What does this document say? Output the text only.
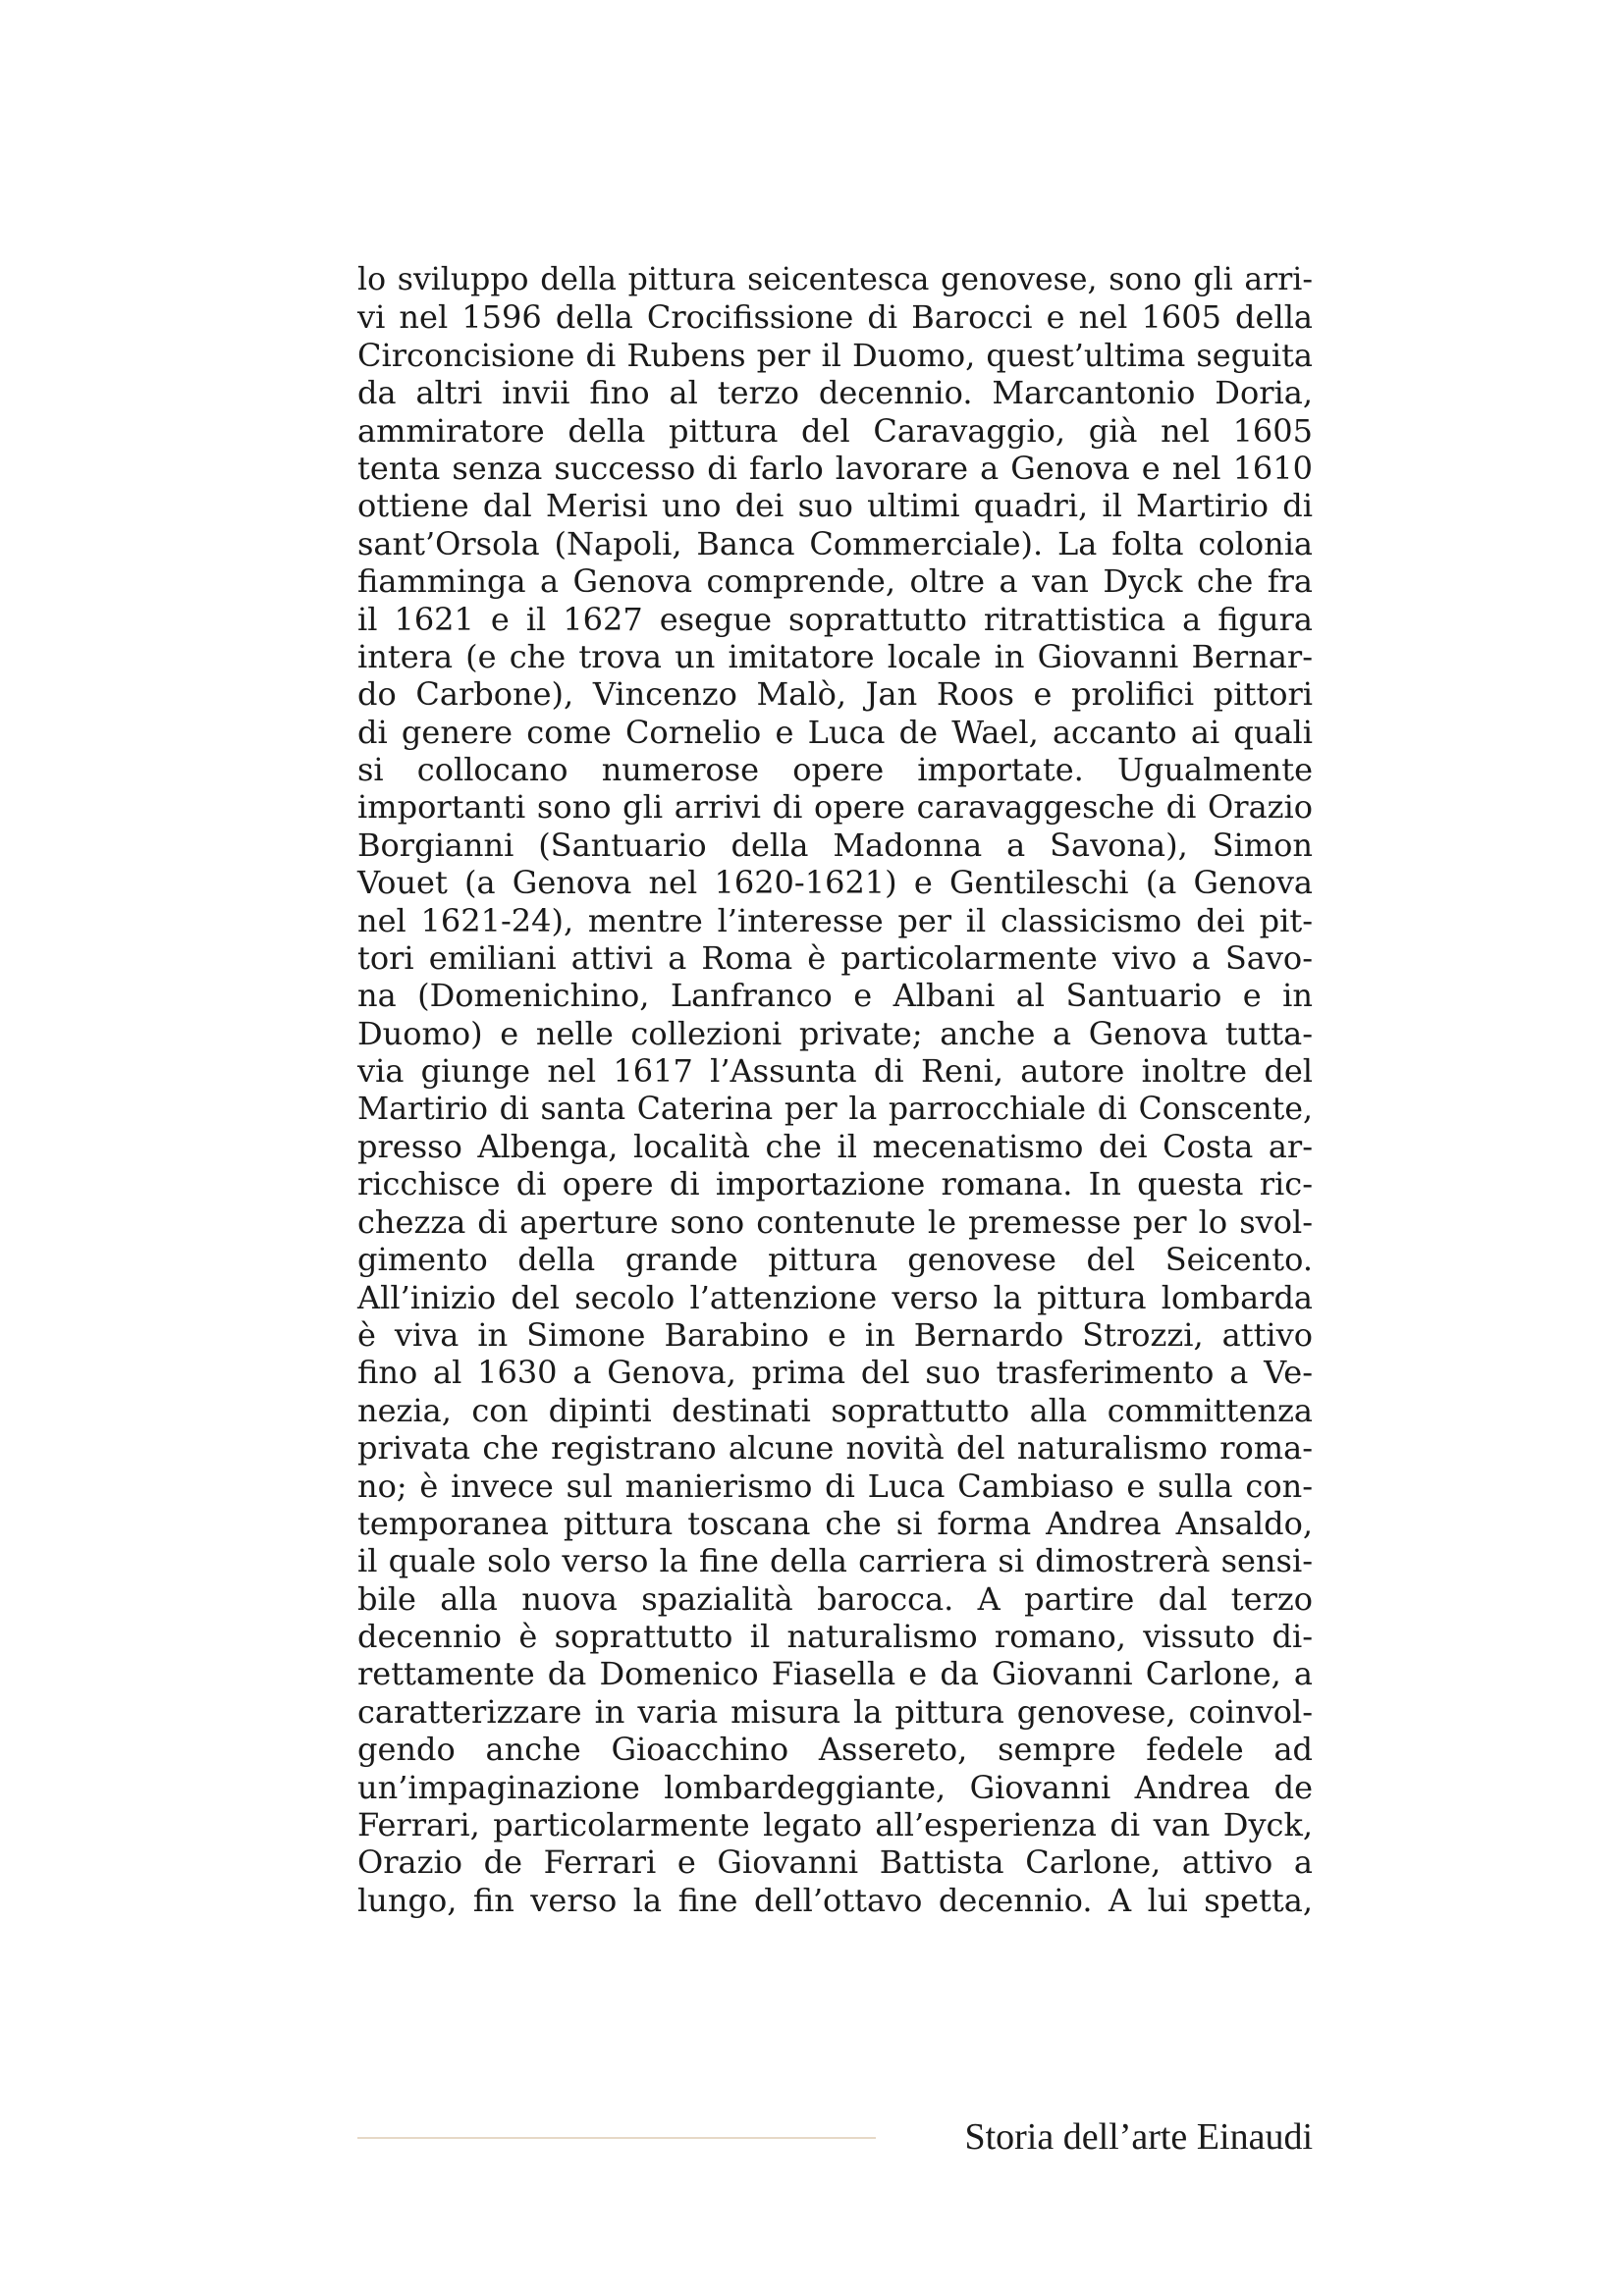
lo sviluppo della pittura seicentesca genovese, sono gli arri-
vi nel 1596 della Crocifissione di Barocci e nel 1605 della
Circoncisione di Rubens per il Duomo, quest’ultima seguita
da altri invii fino al terzo decennio. Marcantonio Doria,
ammiratore della pittura del Caravaggio, già nel 1605
tenta senza successo di farlo lavorare a Genova e nel 1610
ottiene dal Merisi uno dei suo ultimi quadri, il Martirio di
sant’Orsola (Napoli, Banca Commerciale). La folta colonia
fiamminga a Genova comprende, oltre a van Dyck che fra
il 1621 e il 1627 esegue soprattutto ritrattistica a figura
intera (e che trova un imitatore locale in Giovanni Bernar-
do Carbone), Vincenzo Malò, Jan Roos e prolifici pittori
di genere come Cornelio e Luca de Wael, accanto ai quali
si collocano numerose opere importate. Ugualmente
importanti sono gli arrivi di opere caravaggesche di Orazio
Borgianni (Santuario della Madonna a Savona), Simon
Vouet (a Genova nel 1620-1621) e Gentileschi (a Genova
nel 1621-24), mentre l’interesse per il classicismo dei pit-
tori emiliani attivi a Roma è particolarmente vivo a Savo-
na (Domenichino, Lanfranco e Albani al Santuario e in
Duomo) e nelle collezioni private; anche a Genova tutta-
via giunge nel 1617 l’Assunta di Reni, autore inoltre del
Martirio di santa Caterina per la parrocchiale di Conscente,
presso Albenga, località che il mecenatismo dei Costa ar-
ricchisce di opere di importazione romana. In questa ric-
chezza di aperture sono contenute le premesse per lo svol-
gimento della grande pittura genovese del Seicento.
All’inizio del secolo l’attenzione verso la pittura lombarda
è viva in Simone Barabino e in Bernardo Strozzi, attivo
fino al 1630 a Genova, prima del suo trasferimento a Ve-
nezia, con dipinti destinati soprattutto alla committenza
privata che registrano alcune novità del naturalismo roma-
no; è invece sul manierismo di Luca Cambiaso e sulla con-
temporanea pittura toscana che si forma Andrea Ansaldo,
il quale solo verso la fine della carriera si dimostrerà sensi-
bile alla nuova spazialità barocca. A partire dal terzo
decennio è soprattutto il naturalismo romano, vissuto di-
rettamente da Domenico Fiasella e da Giovanni Carlone, a
caratterizzare in varia misura la pittura genovese, coinvol-
gendo anche Gioacchino Assereto, sempre fedele ad
un’impaginazione lombardeggiante, Giovanni Andrea de
Ferrari, particolarmente legato all’esperienza di van Dyck,
Orazio de Ferrari e Giovanni Battista Carlone, attivo a
lungo, fin verso la fine dell’ottavo decennio. A lui spetta,
Storia dell’arte Einaudi
